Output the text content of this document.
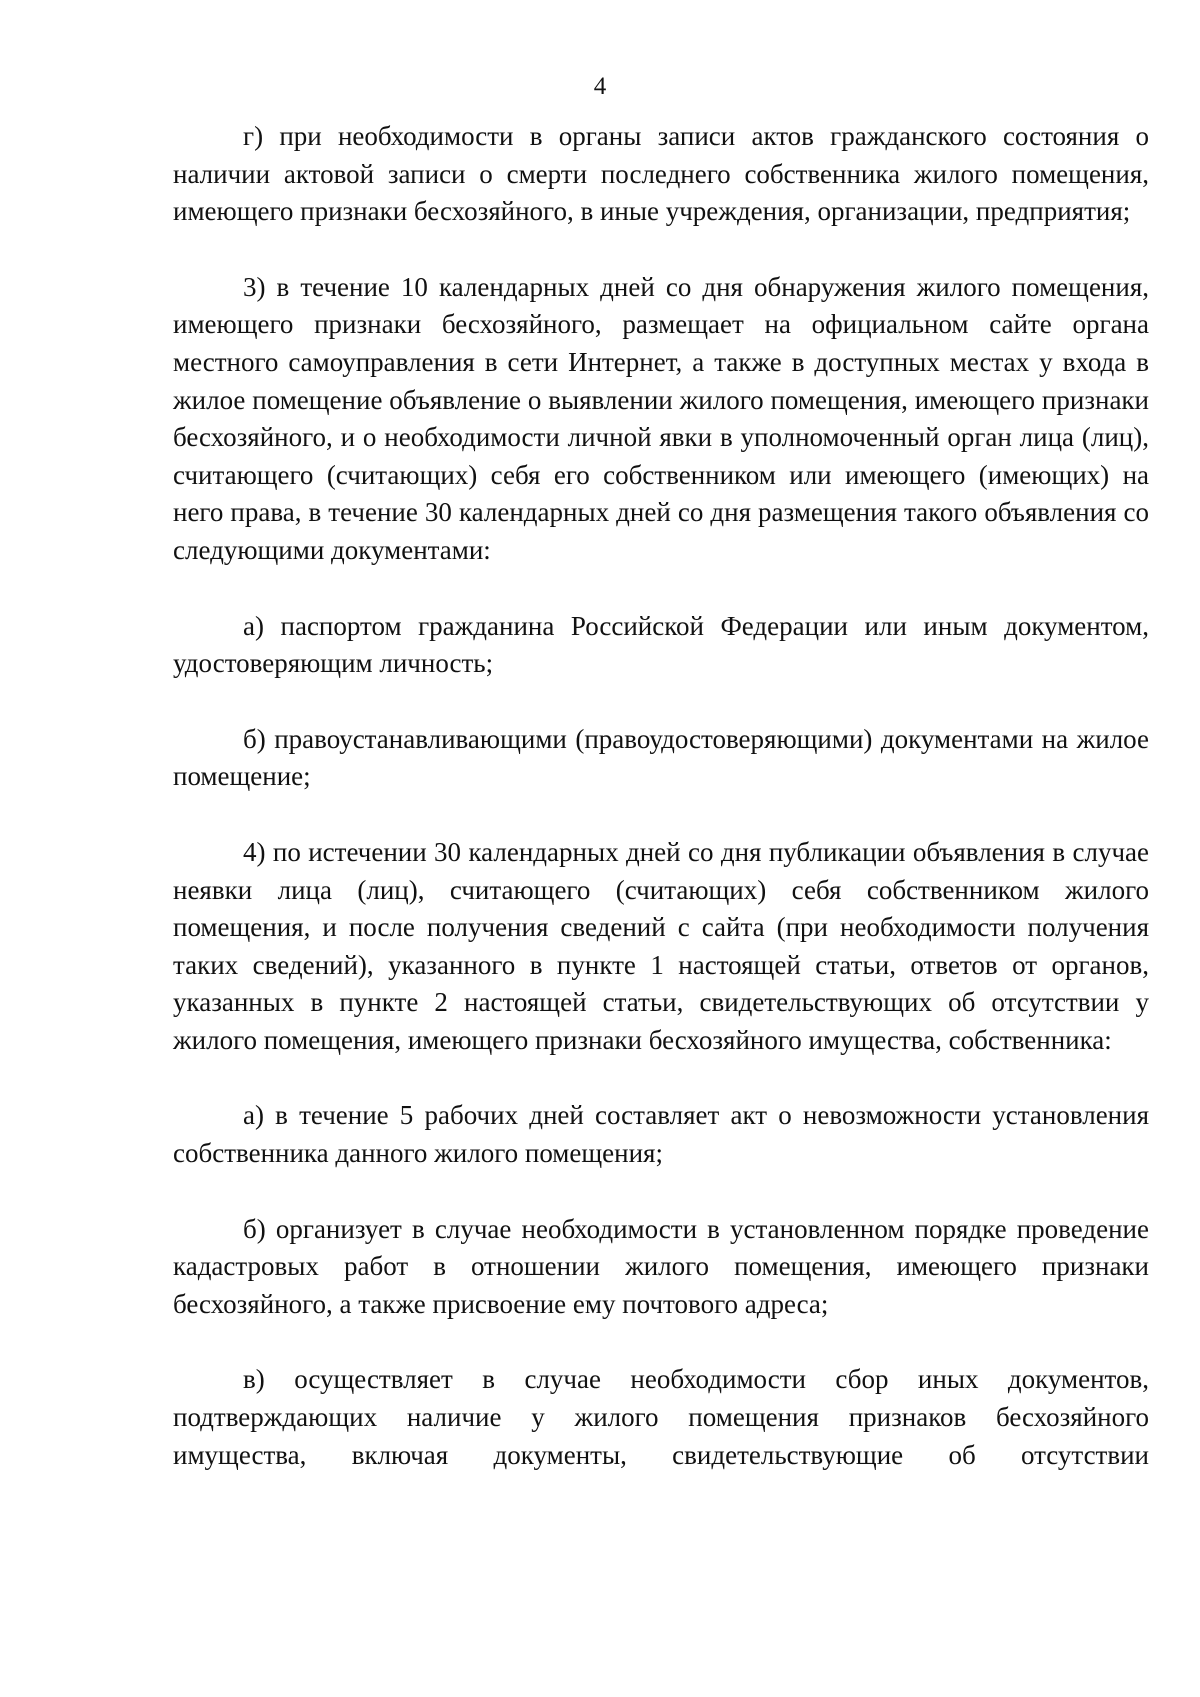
4

г) при необходимости в органы записи актов гражданского состояния о наличии актовой записи о смерти последнего собственника жилого помещения, имеющего признаки бесхозяйного, в иные учреждения, организации, предприятия;

3) в течение 10 календарных дней со дня обнаружения жилого помещения, имеющего признаки бесхозяйного, размещает на официальном сайте органа местного самоуправления в сети Интернет, а также в доступных местах у входа в жилое помещение объявление о выявлении жилого помещения, имеющего признаки бесхозяйного, и о необходимости личной явки в уполномоченный орган лица (лиц), считающего (считающих) себя его собственником или имеющего (имеющих) на него права, в течение 30 календарных дней со дня размещения такого объявления со следующими документами:

а) паспортом гражданина Российской Федерации или иным документом, удостоверяющим личность;

б) правоустанавливающими (правоудостоверяющими) документами на жилое помещение;

4) по истечении 30 календарных дней со дня публикации объявления в случае неявки лица (лиц), считающего (считающих) себя собственником жилого помещения, и после получения сведений с сайта (при необходимости получения таких сведений), указанного в пункте 1 настоящей статьи, ответов от органов, указанных в пункте 2 настоящей статьи, свидетельствующих об отсутствии у жилого помещения, имеющего признаки бесхозяйного имущества, собственника:

а) в течение 5 рабочих дней составляет акт о невозможности установления собственника данного жилого помещения;

б) организует в случае необходимости в установленном порядке проведение кадастровых работ в отношении жилого помещения, имеющего признаки бесхозяйного, а также присвоение ему почтового адреса;

в) осуществляет в случае необходимости сбор иных документов, подтверждающих наличие у жилого помещения признаков бесхозяйного имущества, включая документы, свидетельствующие об отсутствии
